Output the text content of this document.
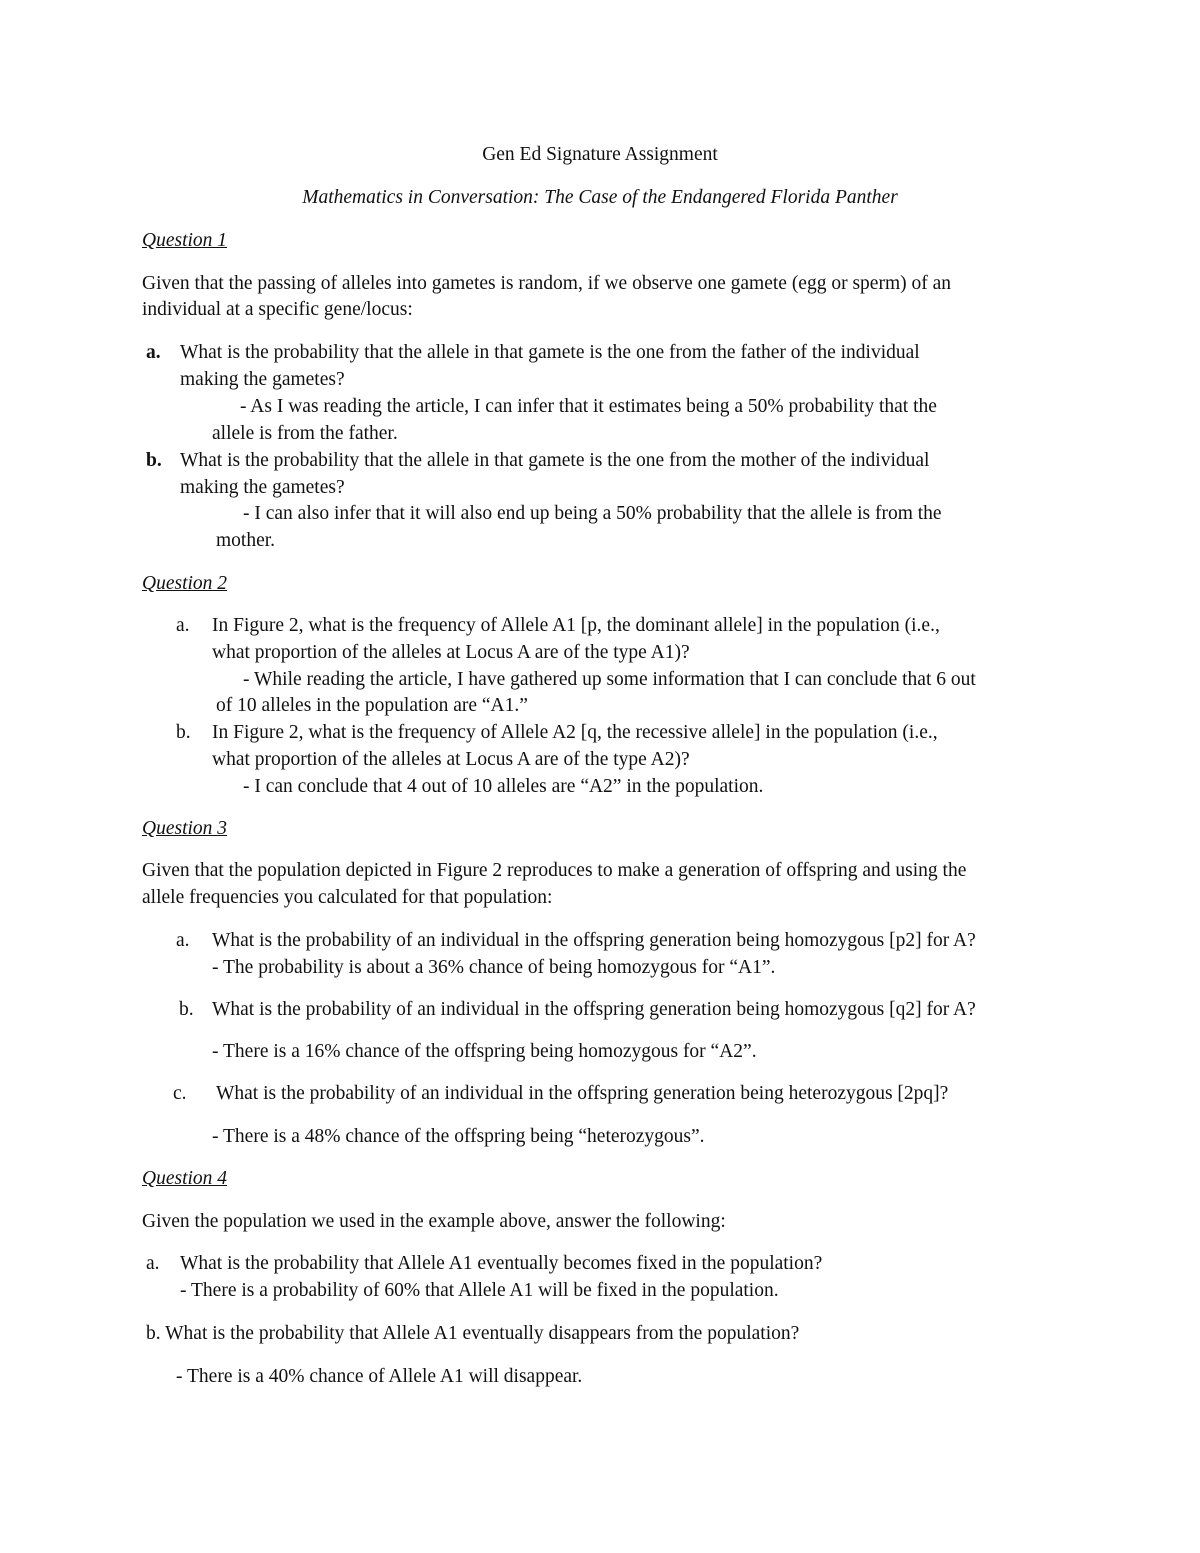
Gen Ed Signature Assignment
Mathematics in Conversation: The Case of the Endangered Florida Panther
Question 1
Given that the passing of alleles into gametes is random, if we observe one gamete (egg or sperm) of an
individual at a specific gene/locus:
a. What is the probability that the allele in that gamete is the one from the father of the individual
making the gametes?
- As I was reading the article, I can infer that it estimates being a 50% probability that the
allele is from the father.
b. What is the probability that the allele in that gamete is the one from the mother of the individual
making the gametes?
- I can also infer that it will also end up being a 50% probability that the allele is from the
mother.
Question 2
a. In Figure 2, what is the frequency of Allele A1 [p, the dominant allele] in the population (i.e.,
what proportion of the alleles at Locus A are of the type A1)?
- While reading the article, I have gathered up some information that I can conclude that 6 out
of 10 alleles in the population are “A1.”
b. In Figure 2, what is the frequency of Allele A2 [q, the recessive allele] in the population (i.e.,
what proportion of the alleles at Locus A are of the type A2)?
- I can conclude that 4 out of 10 alleles are “A2” in the population.
Question 3
Given that the population depicted in Figure 2 reproduces to make a generation of offspring and using the
allele frequencies you calculated for that population:
a. What is the probability of an individual in the offspring generation being homozygous [p2] for A?
- The probability is about a 36% chance of being homozygous for “A1”.
b. What is the probability of an individual in the offspring generation being homozygous [q2] for A?
- There is a 16% chance of the offspring being homozygous for “A2”.
c. What is the probability of an individual in the offspring generation being heterozygous [2pq]?
- There is a 48% chance of the offspring being “heterozygous”.
Question 4
Given the population we used in the example above, answer the following:
a. What is the probability that Allele A1 eventually becomes fixed in the population?
- There is a probability of 60% that Allele A1 will be fixed in the population.
b. What is the probability that Allele A1 eventually disappears from the population?
- There is a 40% chance of Allele A1 will disappear.
